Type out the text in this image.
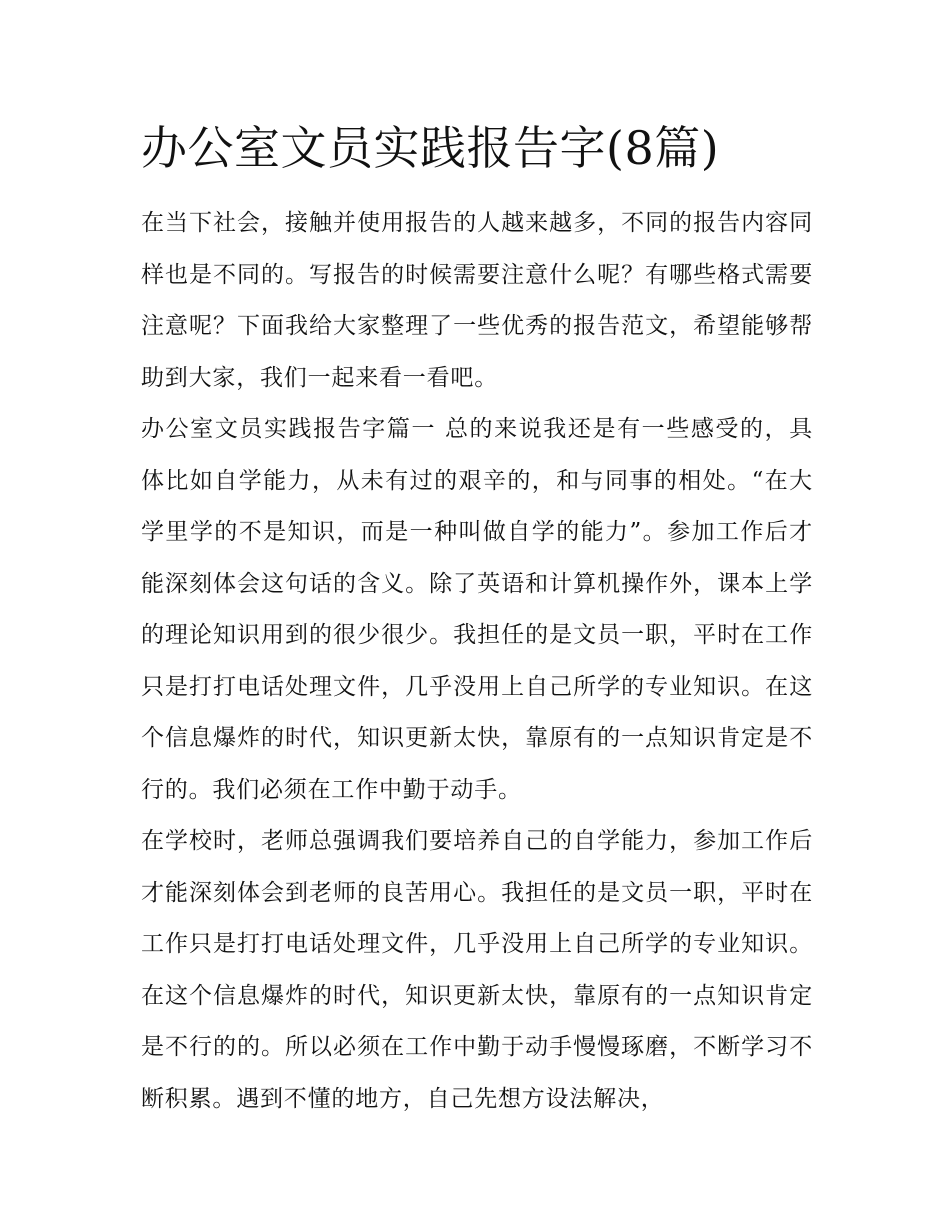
办公室文员实践报告字(8篇)

在当下社会，接触并使用报告的人越来越多，不同的报告内容同样也是不同的。写报告的时候需要注意什么呢？有哪些格式需要注意呢？下面我给大家整理了一些优秀的报告范文，希望能够帮助到大家，我们一起来看一看吧。

办公室文员实践报告字篇一 总的来说我还是有一些感受的，具体比如自学能力，从未有过的艰辛的，和与同事的相处。“在大学里学的不是知识，而是一种叫做自学的能力”。参加工作后才能深刻体会这句话的含义。除了英语和计算机操作外，课本上学的理论知识用到的很少很少。我担任的是文员一职，平时在工作只是打打电话处理文件，几乎没用上自己所学的专业知识。在这个信息爆炸的时代，知识更新太快，靠原有的一点知识肯定是不行的。我们必须在工作中勤于动手。

在学校时，老师总强调我们要培养自己的自学能力，参加工作后才能深刻体会到老师的良苦用心。我担任的是文员一职，平时在工作只是打打电话处理文件，几乎没用上自己所学的专业知识。在这个信息爆炸的时代，知识更新太快，靠原有的一点知识肯定是不行的的。所以必须在工作中勤于动手慢慢琢磨，不断学习不断积累。遇到不懂的地方，自己先想方设法解决，
